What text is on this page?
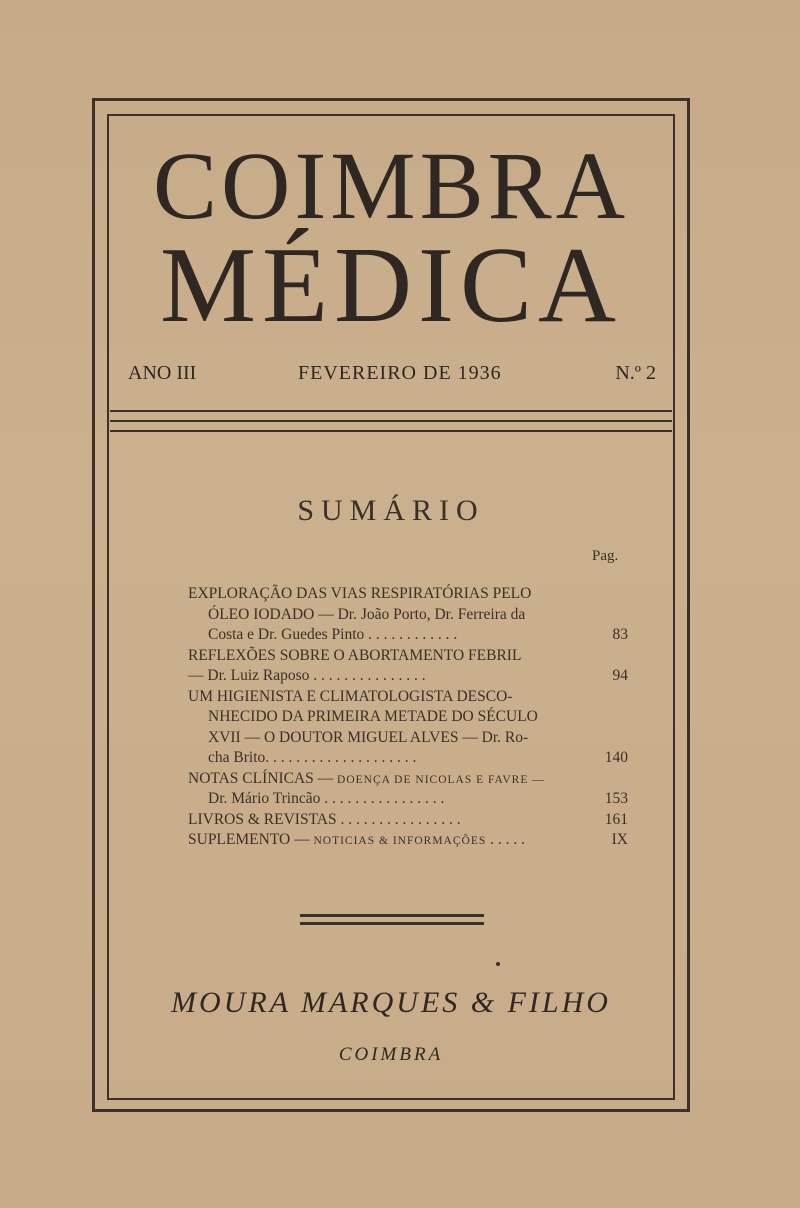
COIMBRA
MÉDICA
ANO III	FEVEREIRO DE 1936	N.º 2
SUMÁRIO
Pag.
EXPLORAÇÃO DAS VIAS RESPIRATÓRIAS PELO
ÓLEO IODADO — Dr. João Porto, Dr. Ferreira da
Costa e Dr. Guedes Pinto . . . . . . . . . . . .	83
REFLEXÕES SOBRE O ABORTAMENTO FEBRIL
— Dr. Luiz Raposo . . . . . . . . . . . . . . .	94
UM HIGIENISTA E CLIMATOLOGISTA DESCO-
NHECIDO DA PRIMEIRA METADE DO SÉCULO
XVII — O DOUTOR MIGUEL ALVES — Dr. Ro-
cha Brito. . . . . . . . . . . . . . . . . . . .	140
NOTAS CLÍNICAS — DOENÇA DE NICOLAS E FAVRE —
Dr. Mário Trincão . . . . . . . . . . . . . . . .	153
LIVROS & REVISTAS . . . . . . . . . . . . . . . .	161
SUPLEMENTO — NOTICIAS & INFORMAÇÕES . . . . .	IX
MOURA MARQUES & FILHO
COIMBRA
